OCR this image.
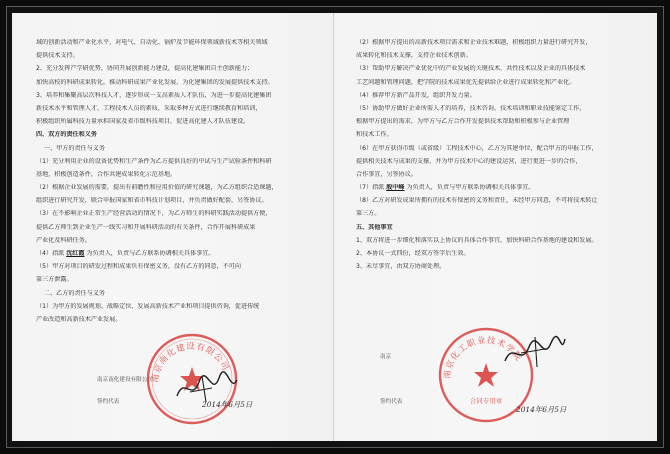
域的创新活动和产业化水平，对电气、自动化、锅炉及节能环保领域新技术等相关领域
提供技术支持。
2、充分发挥产学研优势，协同开展创新能力建设，提高化建集团自主创新能力；
加快高校的科研成果转化，推动科研成果产业化发展，为化建集团的发展提供技术支持。
3、培养和集聚高层次科技人才，逐步形成一支高素质人才队伍，为进一步提高化建集团
新技术水平和管理人才、工程技术人员的素质，采取多种方式进行继续教育和培训，
积极组织所属科技力量承担国家及省市级科技项目，促进高化建人才队伍建设。
四、双方的责任和义务
一、甲方的责任与义务
（1）充分利用企业的设备优势和生产条件为乙方提供良好的中试与生产试验条件和科研
基地，积极创造条件，合作共建成果转化示范基地。
（2）根据企业发展的需要，提出有前瞻性和应用价值的研究课题，为乙方组织合适课题，
组织进行研究开发，联合申报国家和省市科技计划项目，并负责做好配套，另签协议。
（3）在不影响企业正常生产经营活动的情况下，为乙方师生的科研实践活动提供方便，
提供乙方师生到企业生产一线实习和开展科研活动的有关条件，合作开展科研成果
产业化及科研任务。
（4）指派 沈红霞 为负责人，负责与乙方联系协调相关具体事宜。
（5）甲方对项目的研发过程和成果负有保密义务，没有乙方的同意，不可向
第三方泄露。
二、乙方的责任与义务
（1）为甲方的发展规划、战略定位、发展高新技术产业和项目提供咨询，促进传统
产业改造和高新技术产业发展。
南京南化建设有限公司
签约代表
南京南化建设有限公司
2014年6月5日
（2）根据甲方提出的高新技术项目需求和企业技术难题，积极组织力量进行研究开发，
成果转化和技术支撑，支持企业技术创新。
（3）帮助甲方解决产业优化中的产业发展的关键技术、共性技术以及企业的具体技术
工艺问题和管理问题，把学院的技术成果优先提供给企业进行成果转化和产业化。
（4）推荐甲方新产品开发，组织开发力量。
（5）协助甲方做好企业所需人才的培养，技术咨询、技术培训和职业技能鉴定工作，
根据甲方提出的需求，为甲方与乙方合作开发提供技术帮助和积极参与企业管理
和技术工作。
（6）在甲方获得市级（或省级）工程技术中心，乙方为其建单位，配合甲方的申报工作，
提供相关技术与成果的支撑，并为甲方技术中心的建设运营，进行更进一步的合作，
合作事宜，另签协议。
（7）指派 殷中峰 为负责人，负责与甲方联系协调相关具体事宜。
（8）乙方对研发成果所拥有的技术有保密的义务和责任，未经甲方同意，不可将技术转让
第三方。
五、其他事宜
1、双方将进一步细化和落实以上协议的具体合作事宜，加快科研合作基地的建设和发展。
2、本协议一式四份，经双方签字后生效。
3、未尽事宜，由双方协商处理。
南京
签约代表
南京化工职业技术学院
合同专用章
2014年6月5日
